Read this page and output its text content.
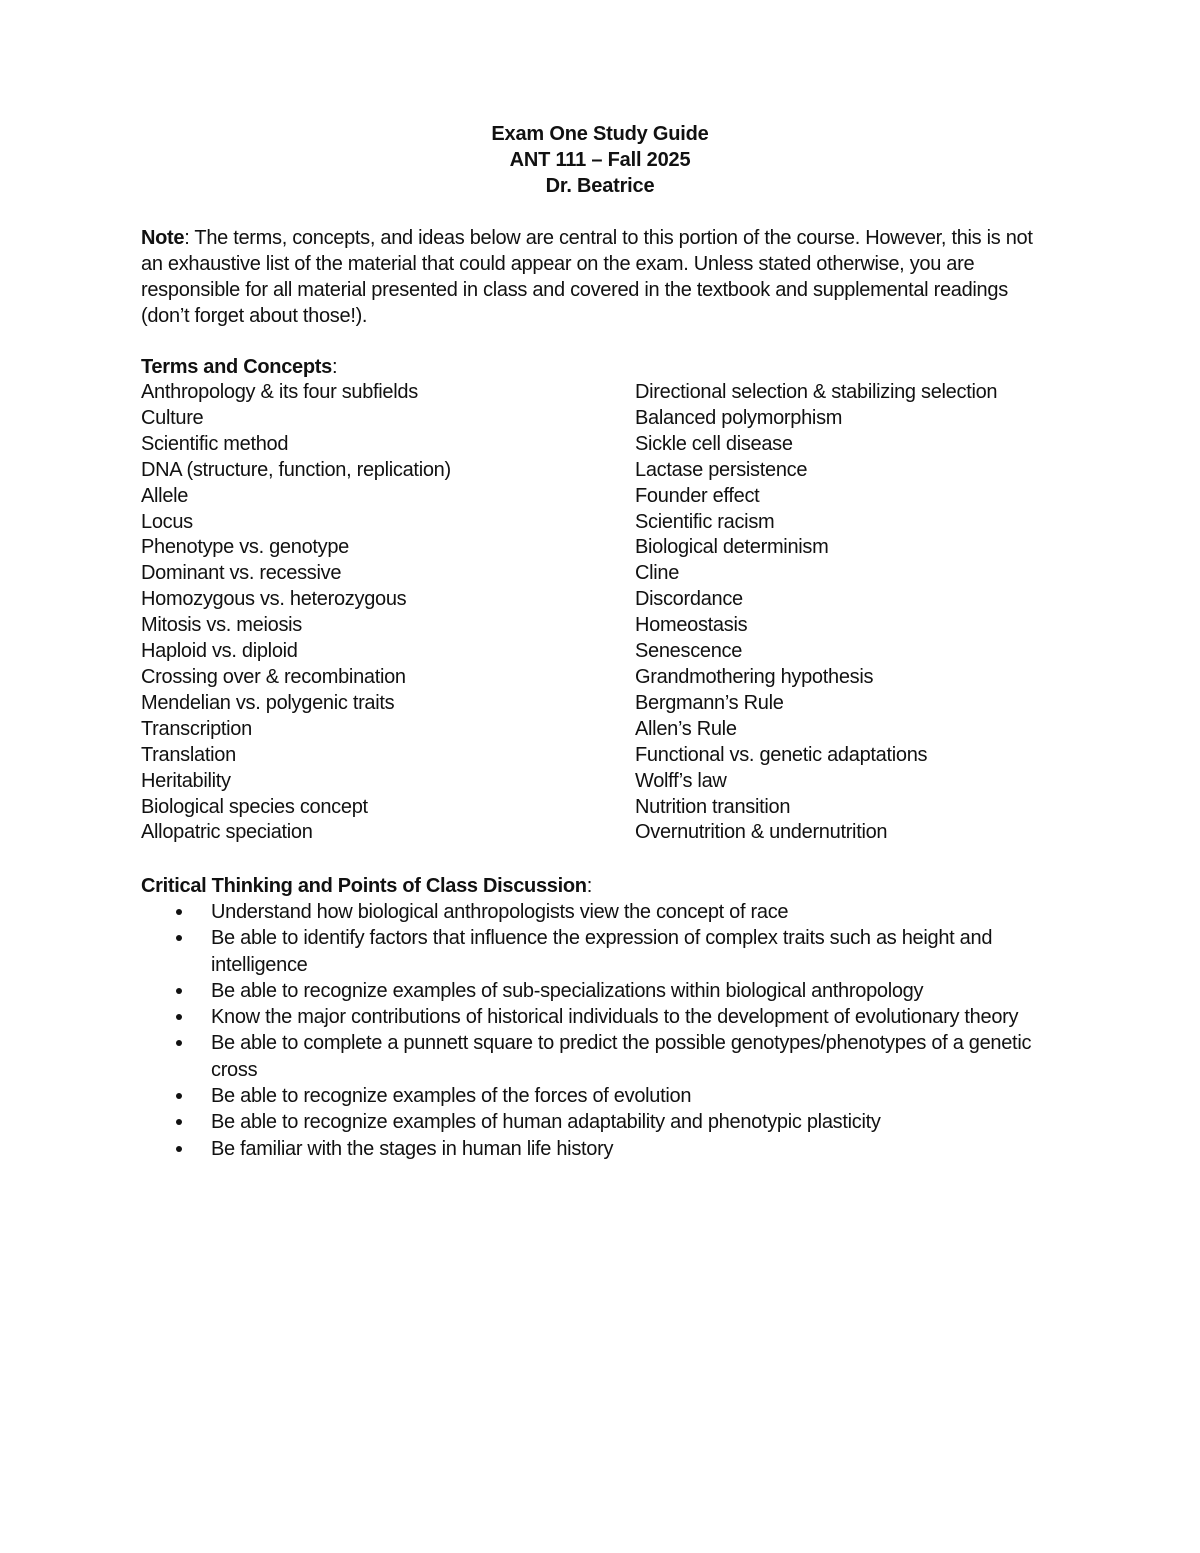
Exam One Study Guide
ANT 111 – Fall 2025
Dr. Beatrice

Note: The terms, concepts, and ideas below are central to this portion of the course. However, this is not an exhaustive list of the material that could appear on the exam. Unless stated otherwise, you are responsible for all material presented in class and covered in the textbook and supplemental readings (don’t forget about those!).

Terms and Concepts:
Anthropology & its four subfields
Culture
Scientific method
DNA (structure, function, replication)
Allele
Locus
Phenotype vs. genotype
Dominant vs. recessive
Homozygous vs. heterozygous
Mitosis vs. meiosis
Haploid vs. diploid
Crossing over & recombination
Mendelian vs. polygenic traits
Transcription
Translation
Heritability
Biological species concept
Allopatric speciation
Directional selection & stabilizing selection
Balanced polymorphism
Sickle cell disease
Lactase persistence
Founder effect
Scientific racism
Biological determinism
Cline
Discordance
Homeostasis
Senescence
Grandmothering hypothesis
Bergmann’s Rule
Allen’s Rule
Functional vs. genetic adaptations
Wolff’s law
Nutrition transition
Overnutrition & undernutrition
Critical Thinking and Points of Class Discussion:
Understand how biological anthropologists view the concept of race
Be able to identify factors that influence the expression of complex traits such as height and intelligence
Be able to recognize examples of sub-specializations within biological anthropology
Know the major contributions of historical individuals to the development of evolutionary theory
Be able to complete a punnett square to predict the possible genotypes/phenotypes of a genetic cross
Be able to recognize examples of the forces of evolution
Be able to recognize examples of human adaptability and phenotypic plasticity
Be familiar with the stages in human life history
